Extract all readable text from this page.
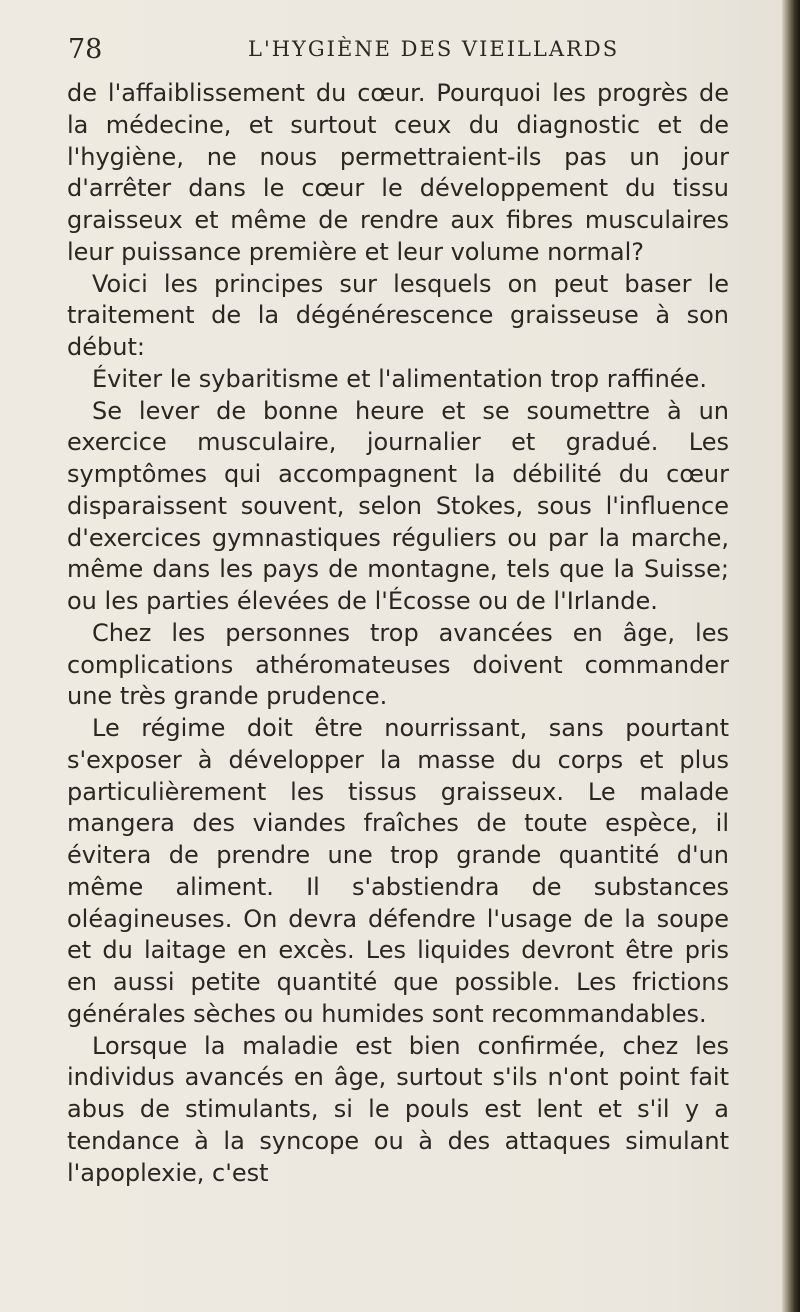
78	L'HYGIÈNE DES VIEILLARDS

de l'affaiblissement du cœur. Pourquoi les progrès de la médecine, et surtout ceux du diagnostic et de l'hygiène, ne nous permettraient-ils pas un jour d'arrêter dans le cœur le développement du tissu graisseux et même de rendre aux fibres musculaires leur puissance première et leur volume normal?

Voici les principes sur lesquels on peut baser le traitement de la dégénérescence graisseuse à son début:

Éviter le sybaritisme et l'alimentation trop raffinée.

Se lever de bonne heure et se soumettre à un exercice musculaire, journalier et gradué. Les symptômes qui accompagnent la débilité du cœur disparaissent souvent, selon Stokes, sous l'influence d'exercices gymnastiques réguliers ou par la marche, même dans les pays de montagne, tels que la Suisse; ou les parties élevées de l'Écosse ou de l'Irlande.

Chez les personnes trop avancées en âge, les complications athéromateuses doivent commander une très grande prudence.

Le régime doit être nourrissant, sans pourtant s'exposer à développer la masse du corps et plus particulièrement les tissus graisseux. Le malade mangera des viandes fraîches de toute espèce, il évitera de prendre une trop grande quantité d'un même aliment. Il s'abstiendra de substances oléagineuses. On devra défendre l'usage de la soupe et du laitage en excès. Les liquides devront être pris en aussi petite quantité que possible. Les frictions générales sèches ou humides sont recommandables.

Lorsque la maladie est bien confirmée, chez les individus avancés en âge, surtout s'ils n'ont point fait abus de stimulants, si le pouls est lent et s'il y a tendance à la syncope ou à des attaques simulant l'apoplexie, c'est
